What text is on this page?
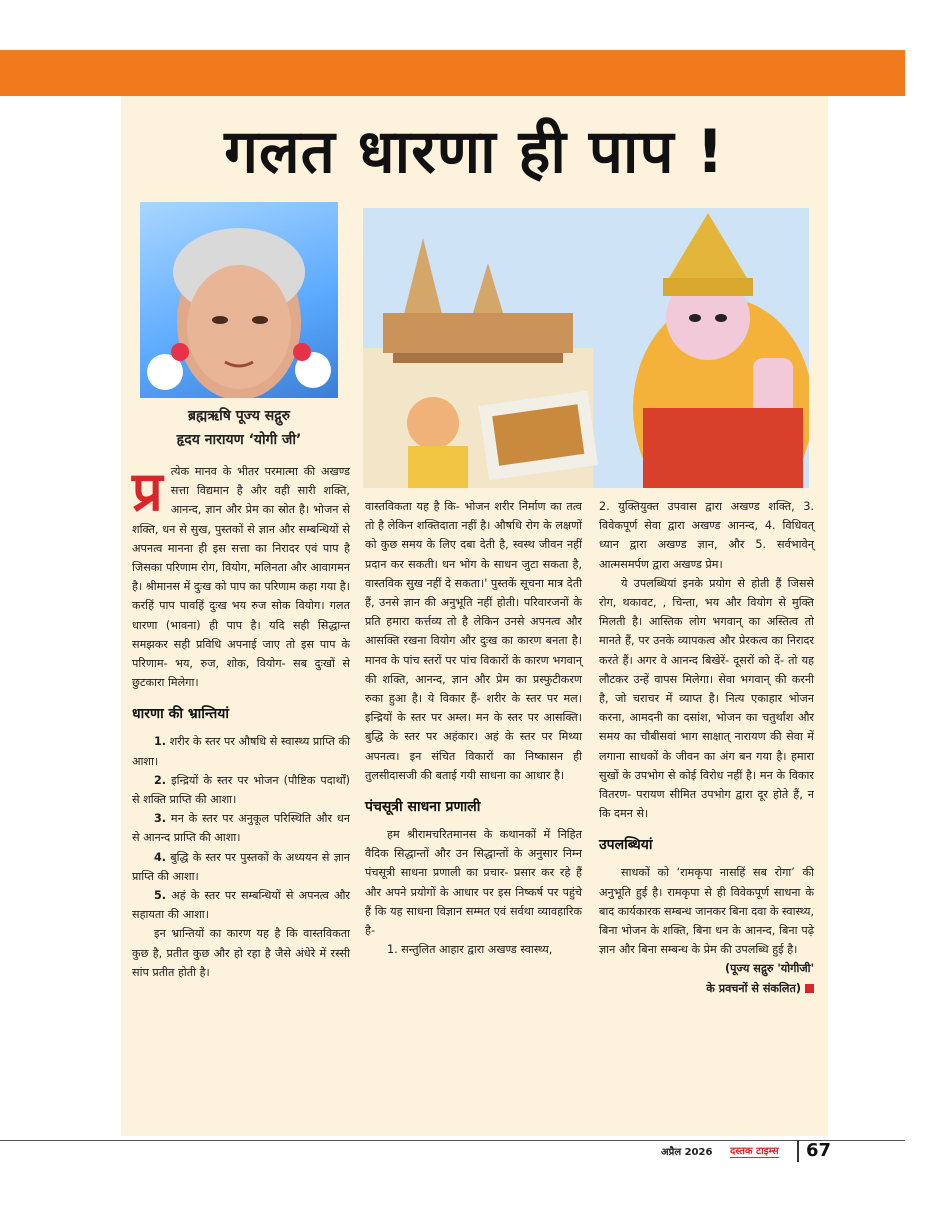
गलत धारणा ही पाप !
ब्रह्मऋषि पूज्य सद्गुरु
हृदय नारायण ‘योगी जी’

प्र त्येक मानव के भीतर परमात्मा की अखण्ड सत्ता विद्यमान है और वही सारी शक्ति, आनन्द, ज्ञान और प्रेम का स्रोत है। भोजन से शक्ति, धन से सुख, पुस्तकों से ज्ञान और सम्बन्धियों से अपनत्व मानना ही इस सत्ता का निरादर एवं पाप है जिसका परिणाम रोग, वियोग, मलिनता और आवागमन है। श्रीमानस में दुःख को पाप का परिणाम कहा गया है। करहिं पाप पावहिं दुःख भय रुज सोक वियोग। गलत धारणा (भावना) ही पाप है। यदि सही सिद्धान्त समझकर सही प्रविधि अपनाई जाए तो इस पाप के परिणाम- भय, रुज, शोक, वियोग- सब दुःखों से छुटकारा मिलेगा।

धारणा की भ्रान्तियां

1. शरीर के स्तर पर औषधि से स्वास्थ्य प्राप्ति की आशा।

2. इन्द्रियों के स्तर पर भोजन (पौष्टिक पदार्थों) से शक्ति प्राप्ति की आशा।

3. मन के स्तर पर अनुकूल परिस्थिति और धन से आनन्द प्राप्ति की आशा।

4. बुद्धि के स्तर पर पुस्तकों के अध्ययन से ज्ञान प्राप्ति की आशा।

5. अहं के स्तर पर सम्बन्धियों से अपनत्व और सहायता की आशा।

इन भ्रान्तियों का कारण यह है कि वास्तविकता कुछ है, प्रतीत कुछ और हो रहा है जैसे अंधेरे में रस्सी सांप प्रतीत होती है।

वास्तविकता यह है कि- भोजन शरीर निर्माण का तत्व तो है लेकिन शक्तिदाता नहीं है। औषधि रोग के लक्षणों को कुछ समय के लिए दबा देती है, स्वस्थ जीवन नहीं प्रदान कर सकती। धन भोग के साधन जुटा सकता है, वास्तविक सुख नहीं दे सकता।' पुस्तकें सूचना मात्र देती हैं, उनसे ज्ञान की अनुभूति नहीं होती। परिवारजनों के प्रति हमारा कर्त्तव्य तो है लेकिन उनसे अपनत्व और आसक्ति रखना वियोग और दुःख का कारण बनता है। मानव के पांच स्तरों पर पांच विकारों के कारण भगवान् की शक्ति, आनन्द, ज्ञान और प्रेम का प्रस्फुटीकरण रुका हुआ है। ये विकार हैं- शरीर के स्तर पर मल। इन्द्रियों के स्तर पर अम्ल। मन के स्तर पर आसक्ति। बुद्धि के स्तर पर अहंकार। अहं के स्तर पर मिथ्या अपनत्व। इन संचित विकारों का निष्कासन ही तुलसीदासजी की बताई गयी साधना का आधार है।

पंचसूत्री साधना प्रणाली

हम श्रीरामचरितमानस के कथानकों में निहित वैदिक सिद्धान्तों और उन सिद्धान्तों के अनुसार निम्न पंचसूत्री साधना प्रणाली का प्रचार- प्रसार कर रहे हैं और अपने प्रयोगों के आधार पर इस निष्कर्ष पर पहुंचे हैं कि यह साधना विज्ञान सम्मत एवं सर्वथा व्यावहारिक है-

1. सन्तुलित आहार द्वारा अखण्ड स्वास्थ्य,

2. युक्तियुक्त उपवास द्वारा अखण्ड शक्ति, 3. विवेकपूर्ण सेवा द्वारा अखण्ड आनन्द, 4. विधिवत् ध्यान द्वारा अखण्ड ज्ञान, और 5. सर्वभावेन् आत्मसमर्पण द्वारा अखण्ड प्रेम।

ये उपलब्धियां इनके प्रयोग से होती हैं जिससे रोग, थकावट, , चिन्ता, भय और वियोग से मुक्ति मिलती है। आस्तिक लोग भगवान् का अस्तित्व तो मानते हैं, पर उनके व्यापकत्व और प्रेरकत्व का निरादर करते हैं। अगर वे आनन्द बिखेरें- दूसरों को दें- तो यह लौटकर उन्हें वापस मिलेगा। सेवा भगवान् की करनी है, जो चराचर में व्याप्त है। नित्य एकाहार भोजन करना, आमदनी का दसांश, भोजन का चतुर्थांश और समय का चौबीसवां भाग साक्षात् नारायण की सेवा में लगाना साधकों के जीवन का अंग बन गया है। हमारा सुखों के उपभोग से कोई विरोध नहीं है। मन के विकार वितरण- परायण सीमित उपभोग द्वारा दूर होते हैं, न कि दमन से।

उपलब्धियां

साधकों को ‘रामकृपा नासहिं सब रोगा’ की अनुभूति हुई है। रामकृपा से ही विवेकपूर्ण साधना के बाद कार्यकारक सम्बन्ध जानकर बिना दवा के स्वास्थ्य, बिना भोजन के शक्ति, बिना धन के आनन्द, बिना पढ़े ज्ञान और बिना सम्बन्ध के प्रेम की उपलब्धि हुई है।

(पूज्य सद्गुरु 'योगीजी'

के प्रवचनों से संकलित)

अप्रैल 2026 दस्तक टाइम्स 67
